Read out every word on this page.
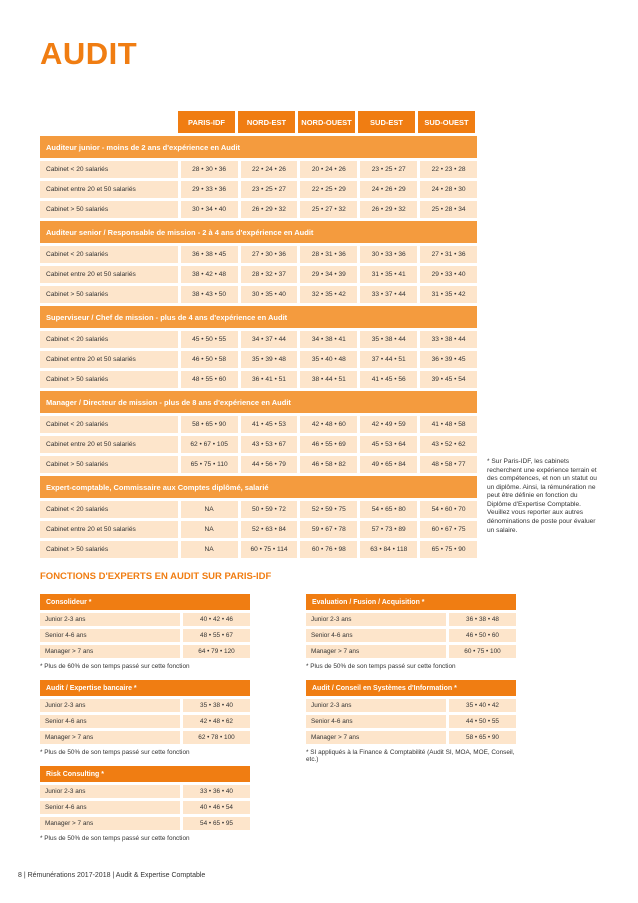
AUDIT
PARIS-IDF	NORD-EST	NORD-OUEST	SUD-EST	SUD-OUEST
Auditeur junior - moins de 2 ans d'expérience en Audit
Cabinet < 20 salariés	28 • 30 • 36	22 • 24 • 26	20 • 24 • 26	23 • 25 • 27	22 • 23 • 28
Cabinet entre 20 et 50 salariés	29 • 33 • 36	23 • 25 • 27	22 • 25 • 29	24 • 26 • 29	24 • 28 • 30
Cabinet > 50 salariés	30 • 34 • 40	26 • 29 • 32	25 • 27 • 32	26 • 29 • 32	25 • 28 • 34
Auditeur senior / Responsable de mission - 2 à 4 ans d'expérience en Audit
Cabinet < 20 salariés	36 • 38 • 45	27 • 30 • 36	28 • 31 • 36	30 • 33 • 36	27 • 31 • 36
Cabinet entre 20 et 50 salariés	38 • 42 • 48	28 • 32 • 37	29 • 34 • 39	31 • 35 • 41	29 • 33 • 40
Cabinet > 50 salariés	38 • 43 • 50	30 • 35 • 40	32 • 35 • 42	33 • 37 • 44	31 • 35 • 42
Superviseur / Chef de mission - plus de 4 ans d'expérience en Audit
Cabinet < 20 salariés	45 • 50 • 55	34 • 37 • 44	34 • 38 • 41	35 • 38 • 44	33 • 38 • 44
Cabinet entre 20 et 50 salariés	46 • 50 • 58	35 • 39 • 48	35 • 40 • 48	37 • 44 • 51	36 • 39 • 45
Cabinet > 50 salariés	48 • 55 • 60	36 • 41 • 51	38 • 44 • 51	41 • 45 • 56	39 • 45 • 54
Manager / Directeur de mission - plus de 8 ans d'expérience en Audit
Cabinet < 20 salariés	58 • 65 • 90	41 • 45 • 53	42 • 48 • 60	42 • 49 • 59	41 • 48 • 58
Cabinet entre 20 et 50 salariés	62 • 67 • 105	43 • 53 • 67	46 • 55 • 69	45 • 53 • 64	43 • 52 • 62
Cabinet > 50 salariés	65 • 75 • 110	44 • 56 • 79	46 • 58 • 82	49 • 65 • 84	48 • 58 • 77
Expert-comptable, Commissaire aux Comptes diplômé, salarié
Cabinet < 20 salariés	NA	50 • 59 • 72	52 • 59 • 75	54 • 65 • 80	54 • 60 • 70
Cabinet entre 20 et 50 salariés	NA	52 • 63 • 84	59 • 67 • 78	57 • 73 • 89	60 • 67 • 75
Cabinet > 50 salariés	NA	60 • 75 • 114	60 • 76 • 98	63 • 84 • 118	65 • 75 • 90
* Sur Paris-IDF, les cabinets recherchent une expérience terrain et des compétences, et non un statut ou un diplôme. Ainsi, la rémunération ne peut être définie en fonction du Diplôme d'Expertise Comptable. Veuillez vous reporter aux autres dénominations de poste pour évaluer un salaire.
FONCTIONS D'EXPERTS EN AUDIT SUR PARIS-IDF
Consolideur *
Junior 2-3 ans	40 • 42 • 46
Senior 4-6 ans	48 • 55 • 67
Manager > 7 ans	64 • 79 • 120
* Plus de 60% de son temps passé sur cette fonction
Evaluation / Fusion / Acquisition *
Junior 2-3 ans	36 • 38 • 48
Senior 4-6 ans	46 • 50 • 60
Manager > 7 ans	60 • 75 • 100
* Plus de 50% de son temps passé sur cette fonction
Audit / Expertise bancaire *
Junior 2-3 ans	35 • 38 • 40
Senior 4-6 ans	42 • 48 • 62
Manager > 7 ans	62 • 78 • 100
* Plus de 50% de son temps passé sur cette fonction
Audit / Conseil en Systèmes d'Information *
Junior 2-3 ans	35 • 40 • 42
Senior 4-6 ans	44 • 50 • 55
Manager > 7 ans	58 • 65 • 90
* SI appliqués à la Finance & Comptabilité (Audit SI, MOA, MOE, Conseil, etc.)
Risk Consulting *
Junior 2-3 ans	33 • 36 • 40
Senior 4-6 ans	40 • 46 • 54
Manager > 7 ans	54 • 65 • 95
* Plus de 50% de son temps passé sur cette fonction
8 | Rémunérations 2017-2018 | Audit & Expertise Comptable
